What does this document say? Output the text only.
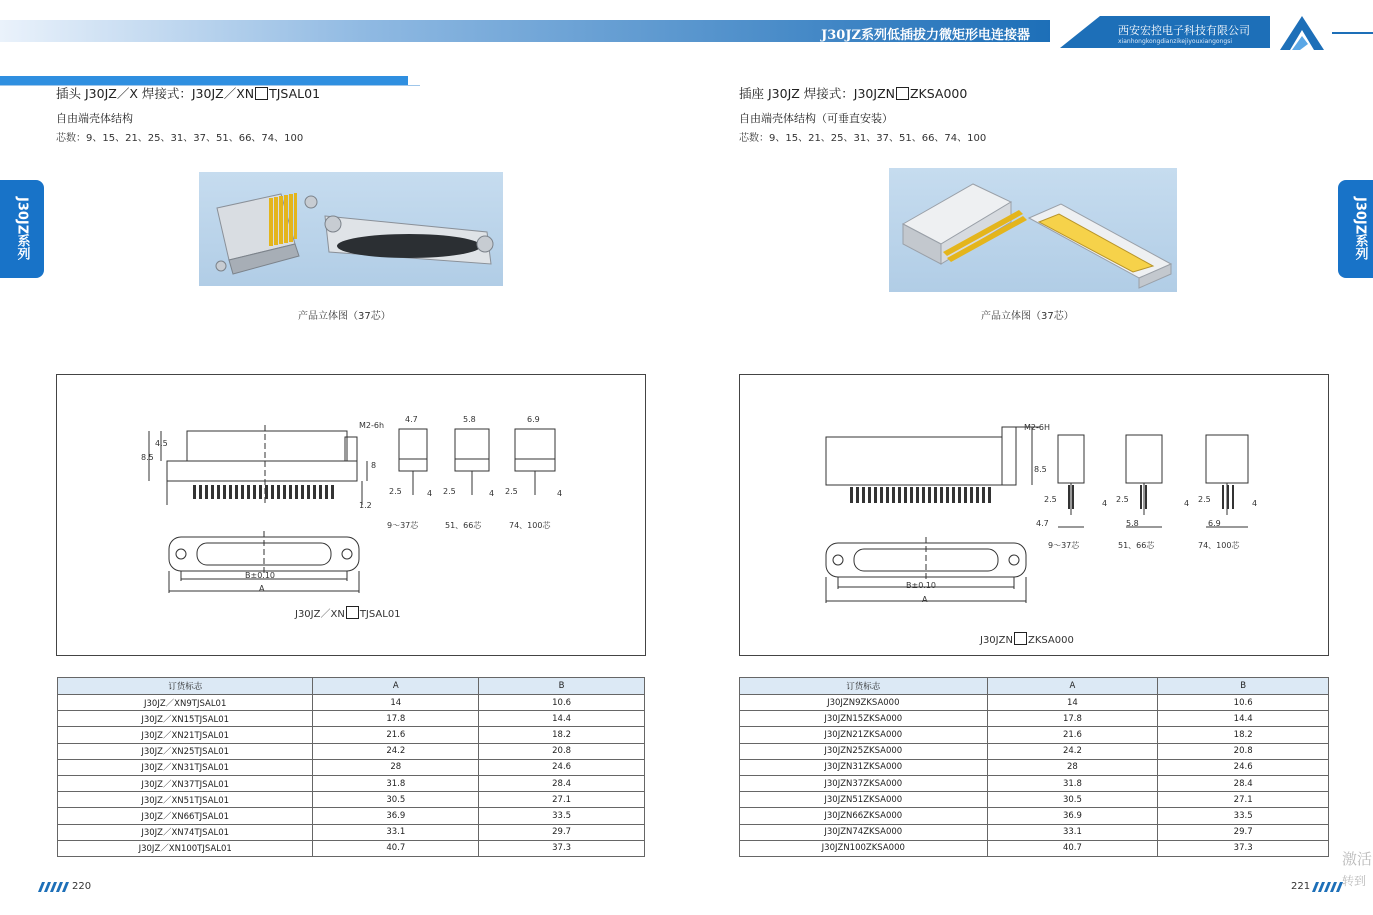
J30JZ系列低插拔力微矩形电连接器	西安宏控电子科技有限公司
xianhongkongdianzikejiyouxiangongsi
J30JZ系列	J30JZ系列
插头 J30JZ／X 焊接式：J30JZ／XN TJSAL01
自由端壳体结构
芯数：9、15、21、25、31、37、51、66、74、100
产品立体图（37芯）
M2-6h
8.5
4.5
8
1.2
4.7	5.8	6.9
2.5	4 2.5	4 2.5	4
9～37芯	51、66芯	74、100芯
B±0.10
A
J30JZ／XN TJSAL01
订货标志	A	B
J30JZ／XN9TJSAL01	14	10.6
J30JZ／XN15TJSAL01	17.8	14.4
J30JZ／XN21TJSAL01	21.6	18.2
J30JZ／XN25TJSAL01	24.2	20.8
J30JZ／XN31TJSAL01	28	24.6
J30JZ／XN37TJSAL01	31.8	28.4
J30JZ／XN51TJSAL01	30.5	27.1
J30JZ／XN66TJSAL01	36.9	33.5
J30JZ／XN74TJSAL01	33.1	29.7
J30JZ／XN100TJSAL01	40.7	37.3
插座 J30JZ 焊接式：J30JZN ZKSA000
自由端壳体结构（可垂直安装）
芯数：9、15、21、25、31、37、51、66、74、100
产品立体图（37芯）
M2-6H
8.5
2.5	4 2.5	4 2.5	4
4.7	5.8	6.9
9～37芯	51、66芯	74、100芯
B±0.10
A
J30JZN ZKSA000
订货标志	A	B
J30JZN9ZKSA000	14	10.6
J30JZN15ZKSA000	17.8	14.4
J30JZN21ZKSA000	21.6	18.2
J30JZN25ZKSA000	24.2	20.8
J30JZN31ZKSA000	28	24.6
J30JZN37ZKSA000	31.8	28.4
J30JZN51ZKSA000	30.5	27.1
J30JZN66ZKSA000	36.9	33.5
J30JZN74ZKSA000	33.1	29.7
J30JZN100ZKSA000	40.7	37.3
220	221
激活
转到
